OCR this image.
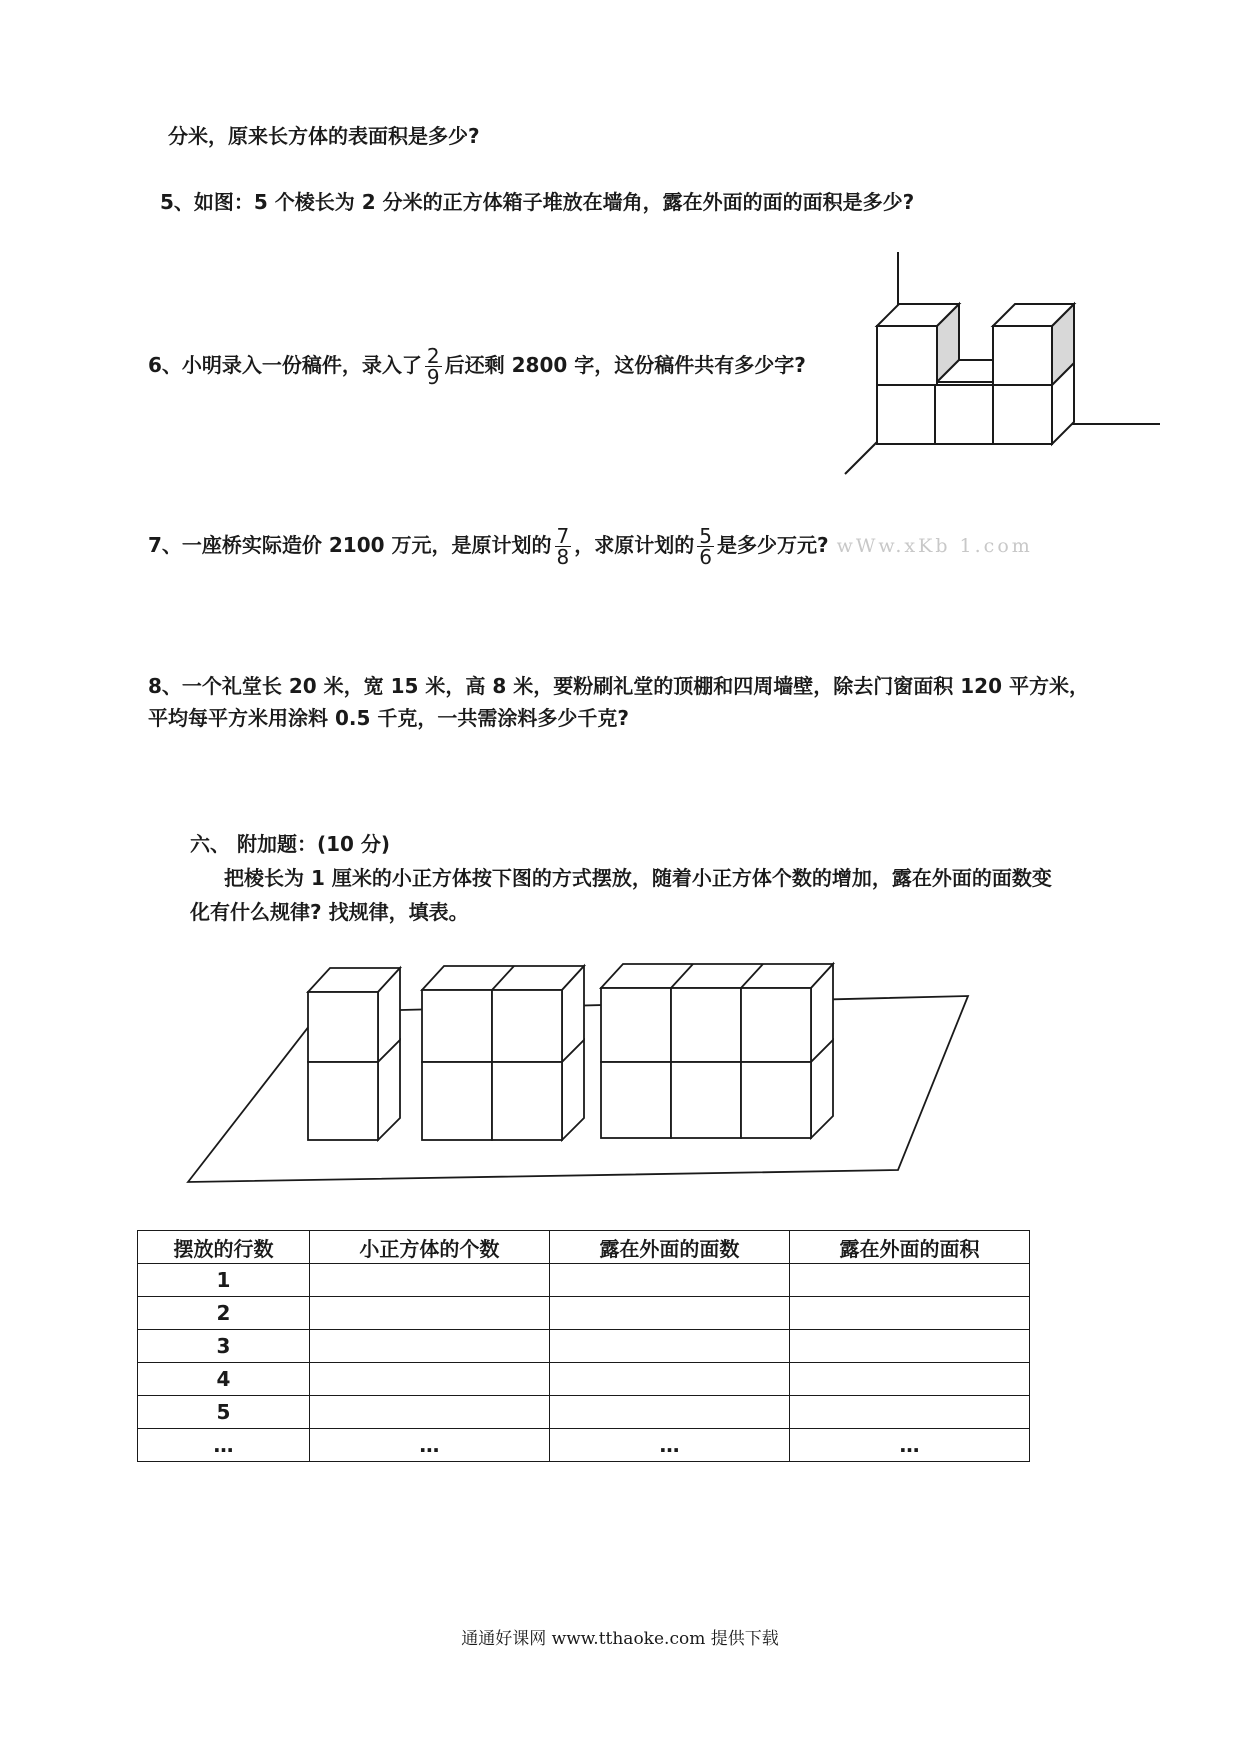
分米，原来长方体的表面积是多少?
5、如图：5 个棱长为 2 分米的正方体箱子堆放在墙角，露在外面的面的面积是多少?
6、小明录入一份稿件，录入了 $\frac{2}{9}$ 后还剩 2800 字，这份稿件共有多少字?
7、一座桥实际造价 2100 万元，是原计划的 $\frac{7}{8}$ ，求原计划的 $\frac{5}{6}$ 是多少万元? wWw.xKb 1.com
8、一个礼堂长 20 米，宽 15 米，高 8 米，要粉刷礼堂的顶棚和四周墙壁，除去门窗面积 120 平方米，
平均每平方米用涂料 0.5 千克，一共需涂料多少千克?
六、 附加题：(10 分)
把棱长为 1 厘米的小正方体按下图的方式摆放，随着小正方体个数的增加，露在外面的面数变
化有什么规律? 找规律，填表。
摆放的行数	小正方体的个数	露在外面的面数	露在外面的面积
1			
2			
3			
4			
5			
…	…	…	…
通通好课网 www.tthaoke.com 提供下载
